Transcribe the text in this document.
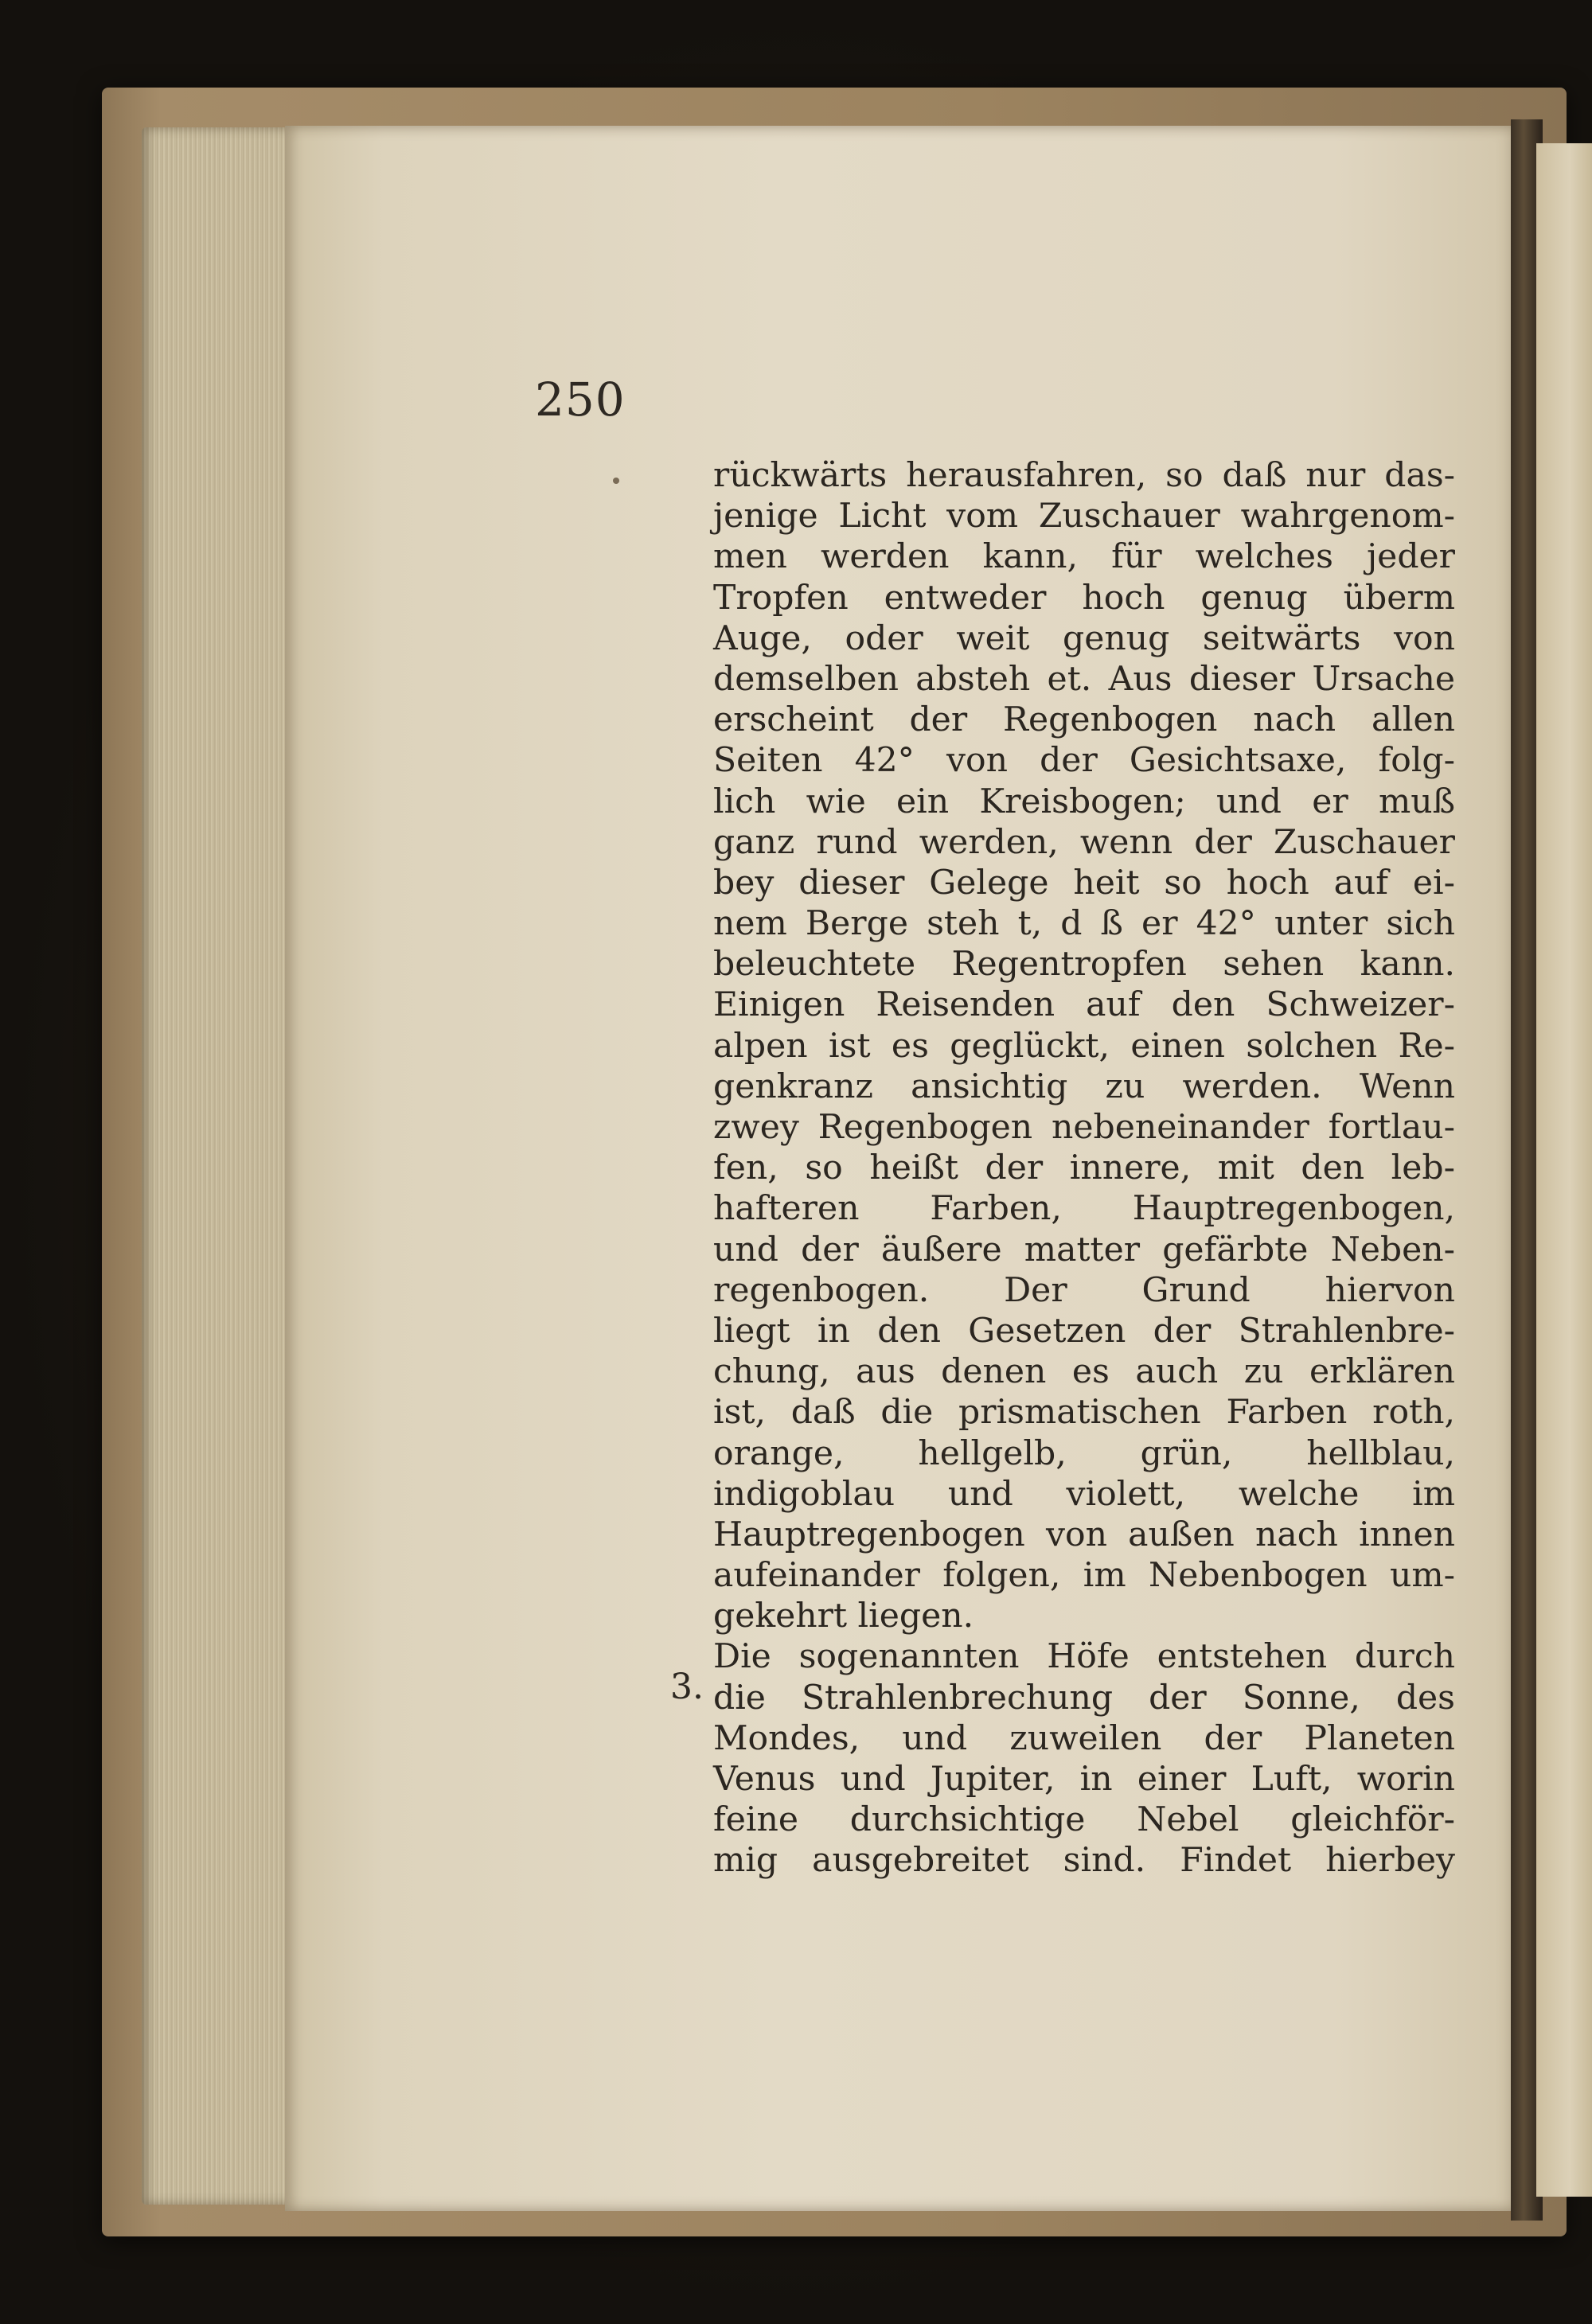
250
3.
rückwärts herausfahren, so daß nur das-
jenige Licht vom Zuschauer wahrgenom-
men werden kann, für welches jeder
Tropfen entweder hoch genug überm
Auge, oder weit genug seitwärts von
demselben absteh et. Aus dieser Ursache
erscheint der Regenbogen nach allen
Seiten 42° von der Gesichtsaxe, folg-
lich wie ein Kreisbogen; und er muß
ganz rund werden, wenn der Zuschauer
bey dieser Gelege heit so hoch auf ei-
nem Berge steh t, d ß er 42° unter sich
beleuchtete Regentropfen sehen kann.
Einigen Reisenden auf den Schweizer-
alpen ist es geglückt, einen solchen Re-
genkranz ansichtig zu werden. Wenn
zwey Regenbogen nebeneinander fortlau-
fen, so heißt der innere, mit den leb-
hafteren Farben, Hauptregenbogen,
und der äußere matter gefärbte Neben-
regenbogen. Der Grund hiervon
liegt in den Gesetzen der Strahlenbre-
chung, aus denen es auch zu erklären
ist, daß die prismatischen Farben roth,
orange, hellgelb, grün, hellblau,
indigoblau und violett, welche im
Hauptregenbogen von außen nach innen
aufeinander folgen, im Nebenbogen um-
gekehrt liegen.
Die sogenannten Höfe entstehen durch
die Strahlenbrechung der Sonne, des
Mondes, und zuweilen der Planeten
Venus und Jupiter, in einer Luft, worin
feine durchsichtige Nebel gleichför-
mig ausgebreitet sind. Findet hierbey
